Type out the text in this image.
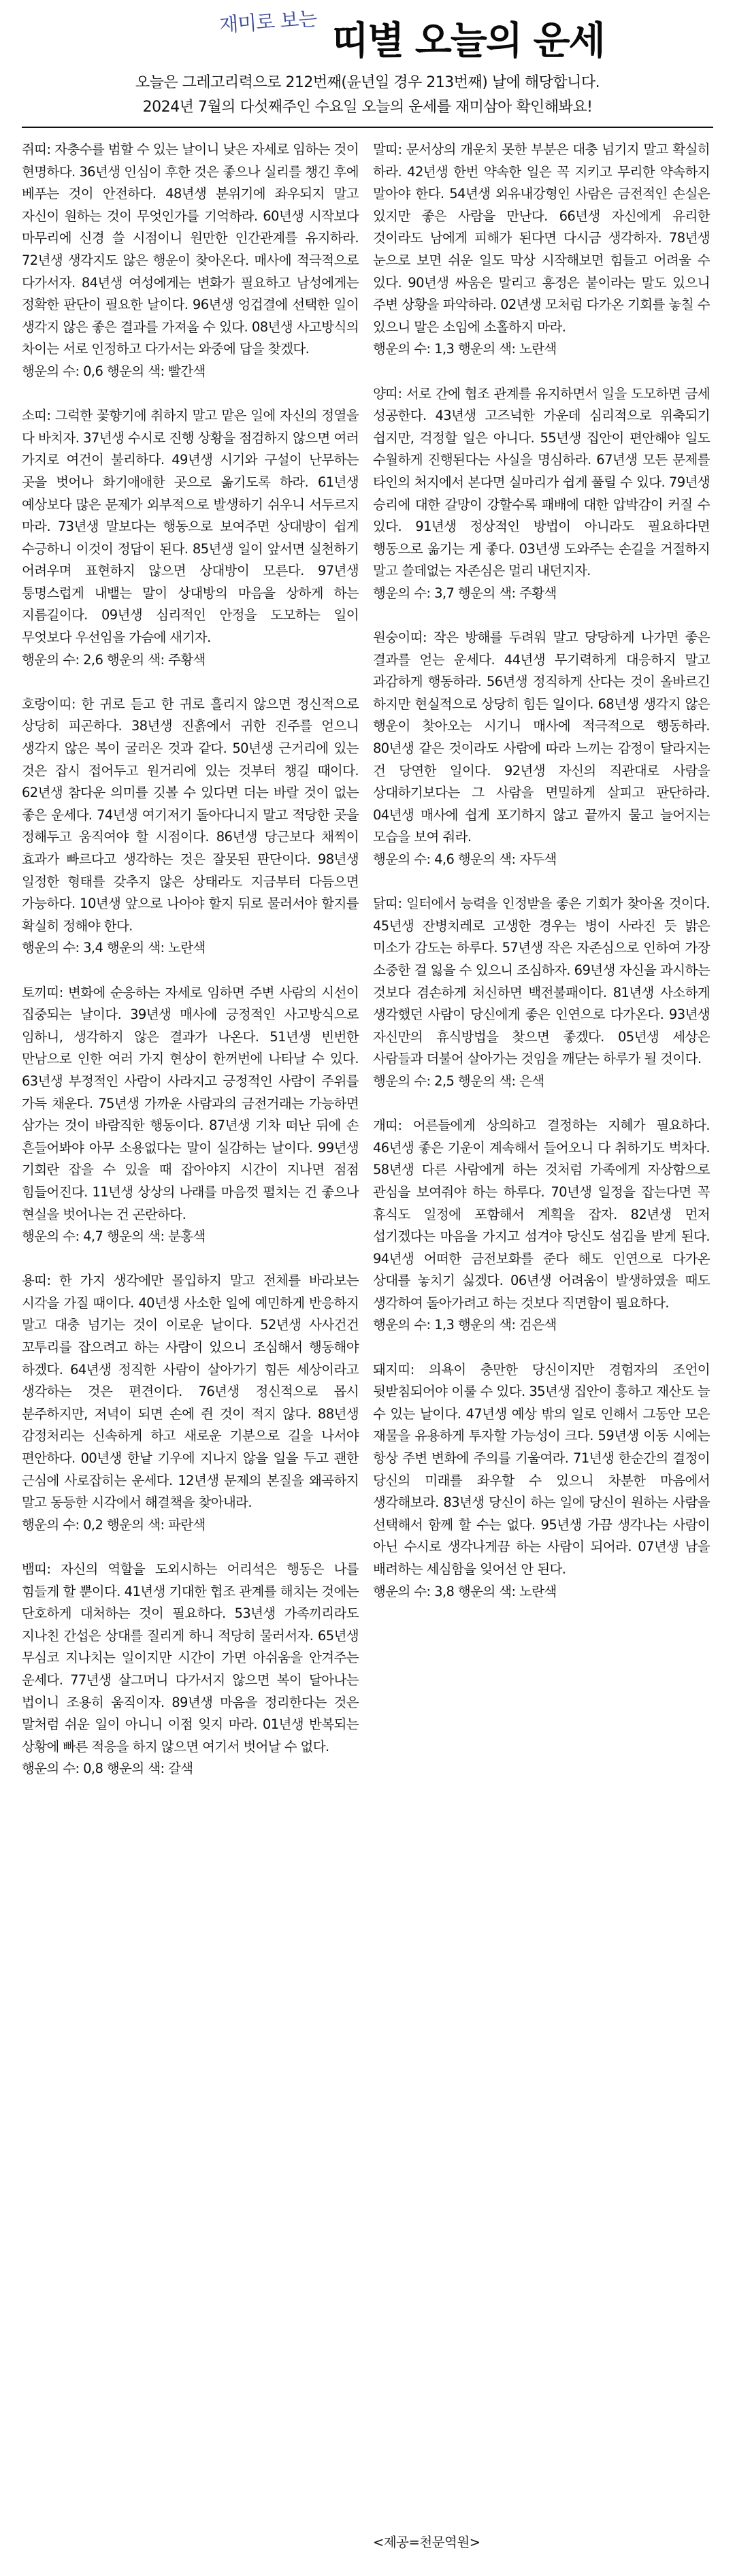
재미로 보는 띠별 오늘의 운세

오늘은 그레고리력으로 212번째(윤년일 경우 213번째) 날에 해당합니다.

2024년 7월의 다섯째주인 수요일 오늘의 운세를 재미삼아 확인해봐요!

쥐띠: 자충수를 범할 수 있는 날이니 낮은 자세로 임하는 것이 현명하다. 36년생 인심이 후한 것은 좋으나 실리를 챙긴 후에 베푸는 것이 안전하다. 48년생 분위기에 좌우되지 말고 자신이 원하는 것이 무엇인가를 기억하라. 60년생 시작보다 마무리에 신경 쓸 시점이니 원만한 인간관계를 유지하라. 72년생 생각지도 않은 행운이 찾아온다. 매사에 적극적으로 다가서자. 84년생 여성에게는 변화가 필요하고 남성에게는 정확한 판단이 필요한 날이다. 96년생 엉겁결에 선택한 일이 생각지 않은 좋은 결과를 가져올 수 있다. 08년생 사고방식의 차이는 서로 인정하고 다가서는 와중에 답을 찾겠다.

행운의 수: 0,6 행운의 색: 빨간색

소띠: 그럭한 꽃향기에 취하지 말고 맡은 일에 자신의 정열을 다 바치자. 37년생 수시로 진행 상황을 점검하지 않으면 여러 가지로 여건이 불리하다. 49년생 시기와 구설이 난무하는 곳을 벗어나 화기애애한 곳으로 옮기도록 하라. 61년생 예상보다 많은 문제가 외부적으로 발생하기 쉬우니 서두르지 마라. 73년생 말보다는 행동으로 보여주면 상대방이 쉽게 수긍하니 이것이 정답이 된다. 85년생 일이 앞서면 실천하기 어려우며 표현하지 않으면 상대방이 모른다. 97년생 퉁명스럽게 내뱉는 말이 상대방의 마음을 상하게 하는 지름길이다. 09년생 심리적인 안정을 도모하는 일이 무엇보다 우선임을 가슴에 새기자.

행운의 수: 2,6 행운의 색: 주황색

호랑이띠: 한 귀로 듣고 한 귀로 흘리지 않으면 정신적으로 상당히 피곤하다. 38년생 진흙에서 귀한 진주를 얻으니 생각지 않은 복이 굴러온 것과 같다. 50년생 근거리에 있는 것은 잡시 접어두고 원거리에 있는 것부터 챙길 때이다. 62년생 참다운 의미를 깃볼 수 있다면 더는 바랄 것이 없는 좋은 운세다. 74년생 여기저기 돌아다니지 말고 적당한 곳을 정해두고 움직여야 할 시점이다. 86년생 당근보다 채찍이 효과가 빠르다고 생각하는 것은 잘못된 판단이다. 98년생 일정한 형태를 갖추지 않은 상태라도 지금부터 다듬으면 가능하다. 10년생 앞으로 나아야 할지 뒤로 물러서야 할지를 확실히 정해야 한다.

행운의 수: 3,4 행운의 색: 노란색

토끼띠: 변화에 순응하는 자세로 임하면 주변 사람의 시선이 집중되는 날이다. 39년생 매사에 긍정적인 사고방식으로 임하니, 생각하지 않은 결과가 나온다. 51년생 빈번한 만남으로 인한 여러 가지 현상이 한꺼번에 나타날 수 있다. 63년생 부정적인 사람이 사라지고 긍정적인 사람이 주위를 가득 채운다. 75년생 가까운 사람과의 금전거래는 가능하면 삼가는 것이 바람직한 행동이다. 87년생 기차 떠난 뒤에 손 흔들어봐야 아무 소용없다는 말이 실감하는 날이다. 99년생 기회란 잡을 수 있을 때 잡아야지 시간이 지나면 점점 힘들어진다. 11년생 상상의 나래를 마음껏 펼치는 건 좋으나 현실을 벗어나는 건 곤란하다.

행운의 수: 4,7 행운의 색: 분홍색

용띠: 한 가지 생각에만 몰입하지 말고 전체를 바라보는 시각을 가질 때이다. 40년생 사소한 일에 예민하게 반응하지 말고 대충 넘기는 것이 이로운 날이다. 52년생 사사건건 꼬투리를 잡으려고 하는 사람이 있으니 조심해서 행동해야 하겠다. 64년생 정직한 사람이 살아가기 힘든 세상이라고 생각하는 것은 편견이다. 76년생 정신적으로 몹시 분주하지만, 저녁이 되면 손에 쥔 것이 적지 않다. 88년생 감정처리는 신속하게 하고 새로운 기분으로 길을 나서야 편안하다. 00년생 한낱 기우에 지나지 않을 일을 두고 괜한 근심에 사로잡히는 운세다. 12년생 문제의 본질을 왜곡하지 말고 동등한 시각에서 해결책을 찾아내라.

행운의 수: 0,2 행운의 색: 파란색

뱀띠: 자신의 역할을 도외시하는 어리석은 행동은 나를 힘들게 할 뿐이다. 41년생 기대한 협조 관계를 해치는 것에는 단호하게 대처하는 것이 필요하다. 53년생 가족끼리라도 지나친 간섭은 상대를 질리게 하니 적당히 물러서자. 65년생 무심코 지나치는 일이지만 시간이 가면 아쉬움을 안겨주는 운세다. 77년생 살그머니 다가서지 않으면 복이 달아나는 법이니 조용히 움직이자. 89년생 마음을 정리한다는 것은 말처럼 쉬운 일이 아니니 이점 잊지 마라. 01년생 반복되는 상황에 빠른 적응을 하지 않으면 여기서 벗어날 수 없다.

행운의 수: 0,8 행운의 색: 갈색

말띠: 문서상의 개운치 못한 부분은 대충 넘기지 말고 확실히 하라. 42년생 한번 약속한 일은 꼭 지키고 무리한 약속하지 말아야 한다. 54년생 외유내강형인 사람은 금전적인 손실은 있지만 좋은 사람을 만난다. 66년생 자신에게 유리한 것이라도 남에게 피해가 된다면 다시금 생각하자. 78년생 눈으로 보면 쉬운 일도 막상 시작해보면 힘들고 어려울 수 있다. 90년생 싸움은 말리고 흥정은 붙이라는 말도 있으니 주변 상황을 파악하라. 02년생 모처럼 다가온 기회를 놓칠 수 있으니 말은 소임에 소홀하지 마라.

행운의 수: 1,3 행운의 색: 노란색

양띠: 서로 간에 협조 관계를 유지하면서 일을 도모하면 금세 성공한다. 43년생 고즈넉한 가운데 심리적으로 위축되기 쉽지만, 걱정할 일은 아니다. 55년생 집안이 편안해야 일도 수월하게 진행된다는 사실을 명심하라. 67년생 모든 문제를 타인의 처지에서 본다면 실마리가 쉽게 풀릴 수 있다. 79년생 승리에 대한 갈망이 강할수록 패배에 대한 압박감이 커질 수 있다. 91년생 정상적인 방법이 아니라도 필요하다면 행동으로 옮기는 게 좋다. 03년생 도와주는 손길을 거절하지 말고 쓸데없는 자존심은 멀리 내던지자.

행운의 수: 3,7 행운의 색: 주황색

원숭이띠: 작은 방해를 두려워 말고 당당하게 나가면 좋은 결과를 얻는 운세다. 44년생 무기력하게 대응하지 말고 과감하게 행동하라. 56년생 정직하게 산다는 것이 올바르긴 하지만 현실적으로 상당히 힘든 일이다. 68년생 생각지 않은 행운이 찾아오는 시기니 매사에 적극적으로 행동하라. 80년생 같은 것이라도 사람에 따라 느끼는 감정이 달라지는 건 당연한 일이다. 92년생 자신의 직관대로 사람을 상대하기보다는 그 사람을 면밀하게 살피고 판단하라. 04년생 매사에 쉽게 포기하지 않고 끝까지 물고 늘어지는 모습을 보여 줘라.

행운의 수: 4,6 행운의 색: 자두색

닭띠: 일터에서 능력을 인정받을 좋은 기회가 찾아올 것이다. 45년생 잔병치레로 고생한 경우는 병이 사라진 듯 밝은 미소가 감도는 하루다. 57년생 작은 자존심으로 인하여 가장 소중한 걸 잃을 수 있으니 조심하자. 69년생 자신을 과시하는 것보다 겸손하게 처신하면 백전불패이다. 81년생 사소하게 생각했던 사람이 당신에게 좋은 인연으로 다가온다. 93년생 자신만의 휴식방법을 찾으면 좋겠다. 05년생 세상은 사람들과 더불어 살아가는 것임을 깨닫는 하루가 될 것이다.

행운의 수: 2,5 행운의 색: 은색

개띠: 어른들에게 상의하고 결정하는 지혜가 필요하다. 46년생 좋은 기운이 계속해서 들어오니 다 취하기도 벅차다. 58년생 다른 사람에게 하는 것처럼 가족에게 자상함으로 관심을 보여줘야 하는 하루다. 70년생 일정을 잡는다면 꼭 휴식도 일정에 포함해서 계획을 잡자. 82년생 먼저 섭기겠다는 마음을 가지고 섬겨야 당신도 섬김을 받게 된다. 94년생 어떠한 금전보화를 준다 해도 인연으로 다가온 상대를 놓치기 싫겠다. 06년생 어려움이 발생하였을 때도 생각하여 돌아가려고 하는 것보다 직면함이 필요하다.

행운의 수: 1,3 행운의 색: 검은색

돼지띠: 의욕이 충만한 당신이지만 경험자의 조언이 뒷받침되어야 이룰 수 있다. 35년생 집안이 흥하고 재산도 늘 수 있는 날이다. 47년생 예상 밖의 일로 인해서 그동안 모은 재물을 유용하게 투자할 가능성이 크다. 59년생 이동 시에는 항상 주변 변화에 주의를 기울여라. 71년생 한순간의 결정이 당신의 미래를 좌우할 수 있으니 차분한 마음에서 생각해보라. 83년생 당신이 하는 일에 당신이 원하는 사람을 선택해서 함께 할 수는 없다. 95년생 가끔 생각나는 사람이 아닌 수시로 생각나게끔 하는 사람이 되어라. 07년생 남을 배려하는 세심함을 잊어선 안 된다.

행운의 수: 3,8 행운의 색: 노란색

<제공=천문역원>
